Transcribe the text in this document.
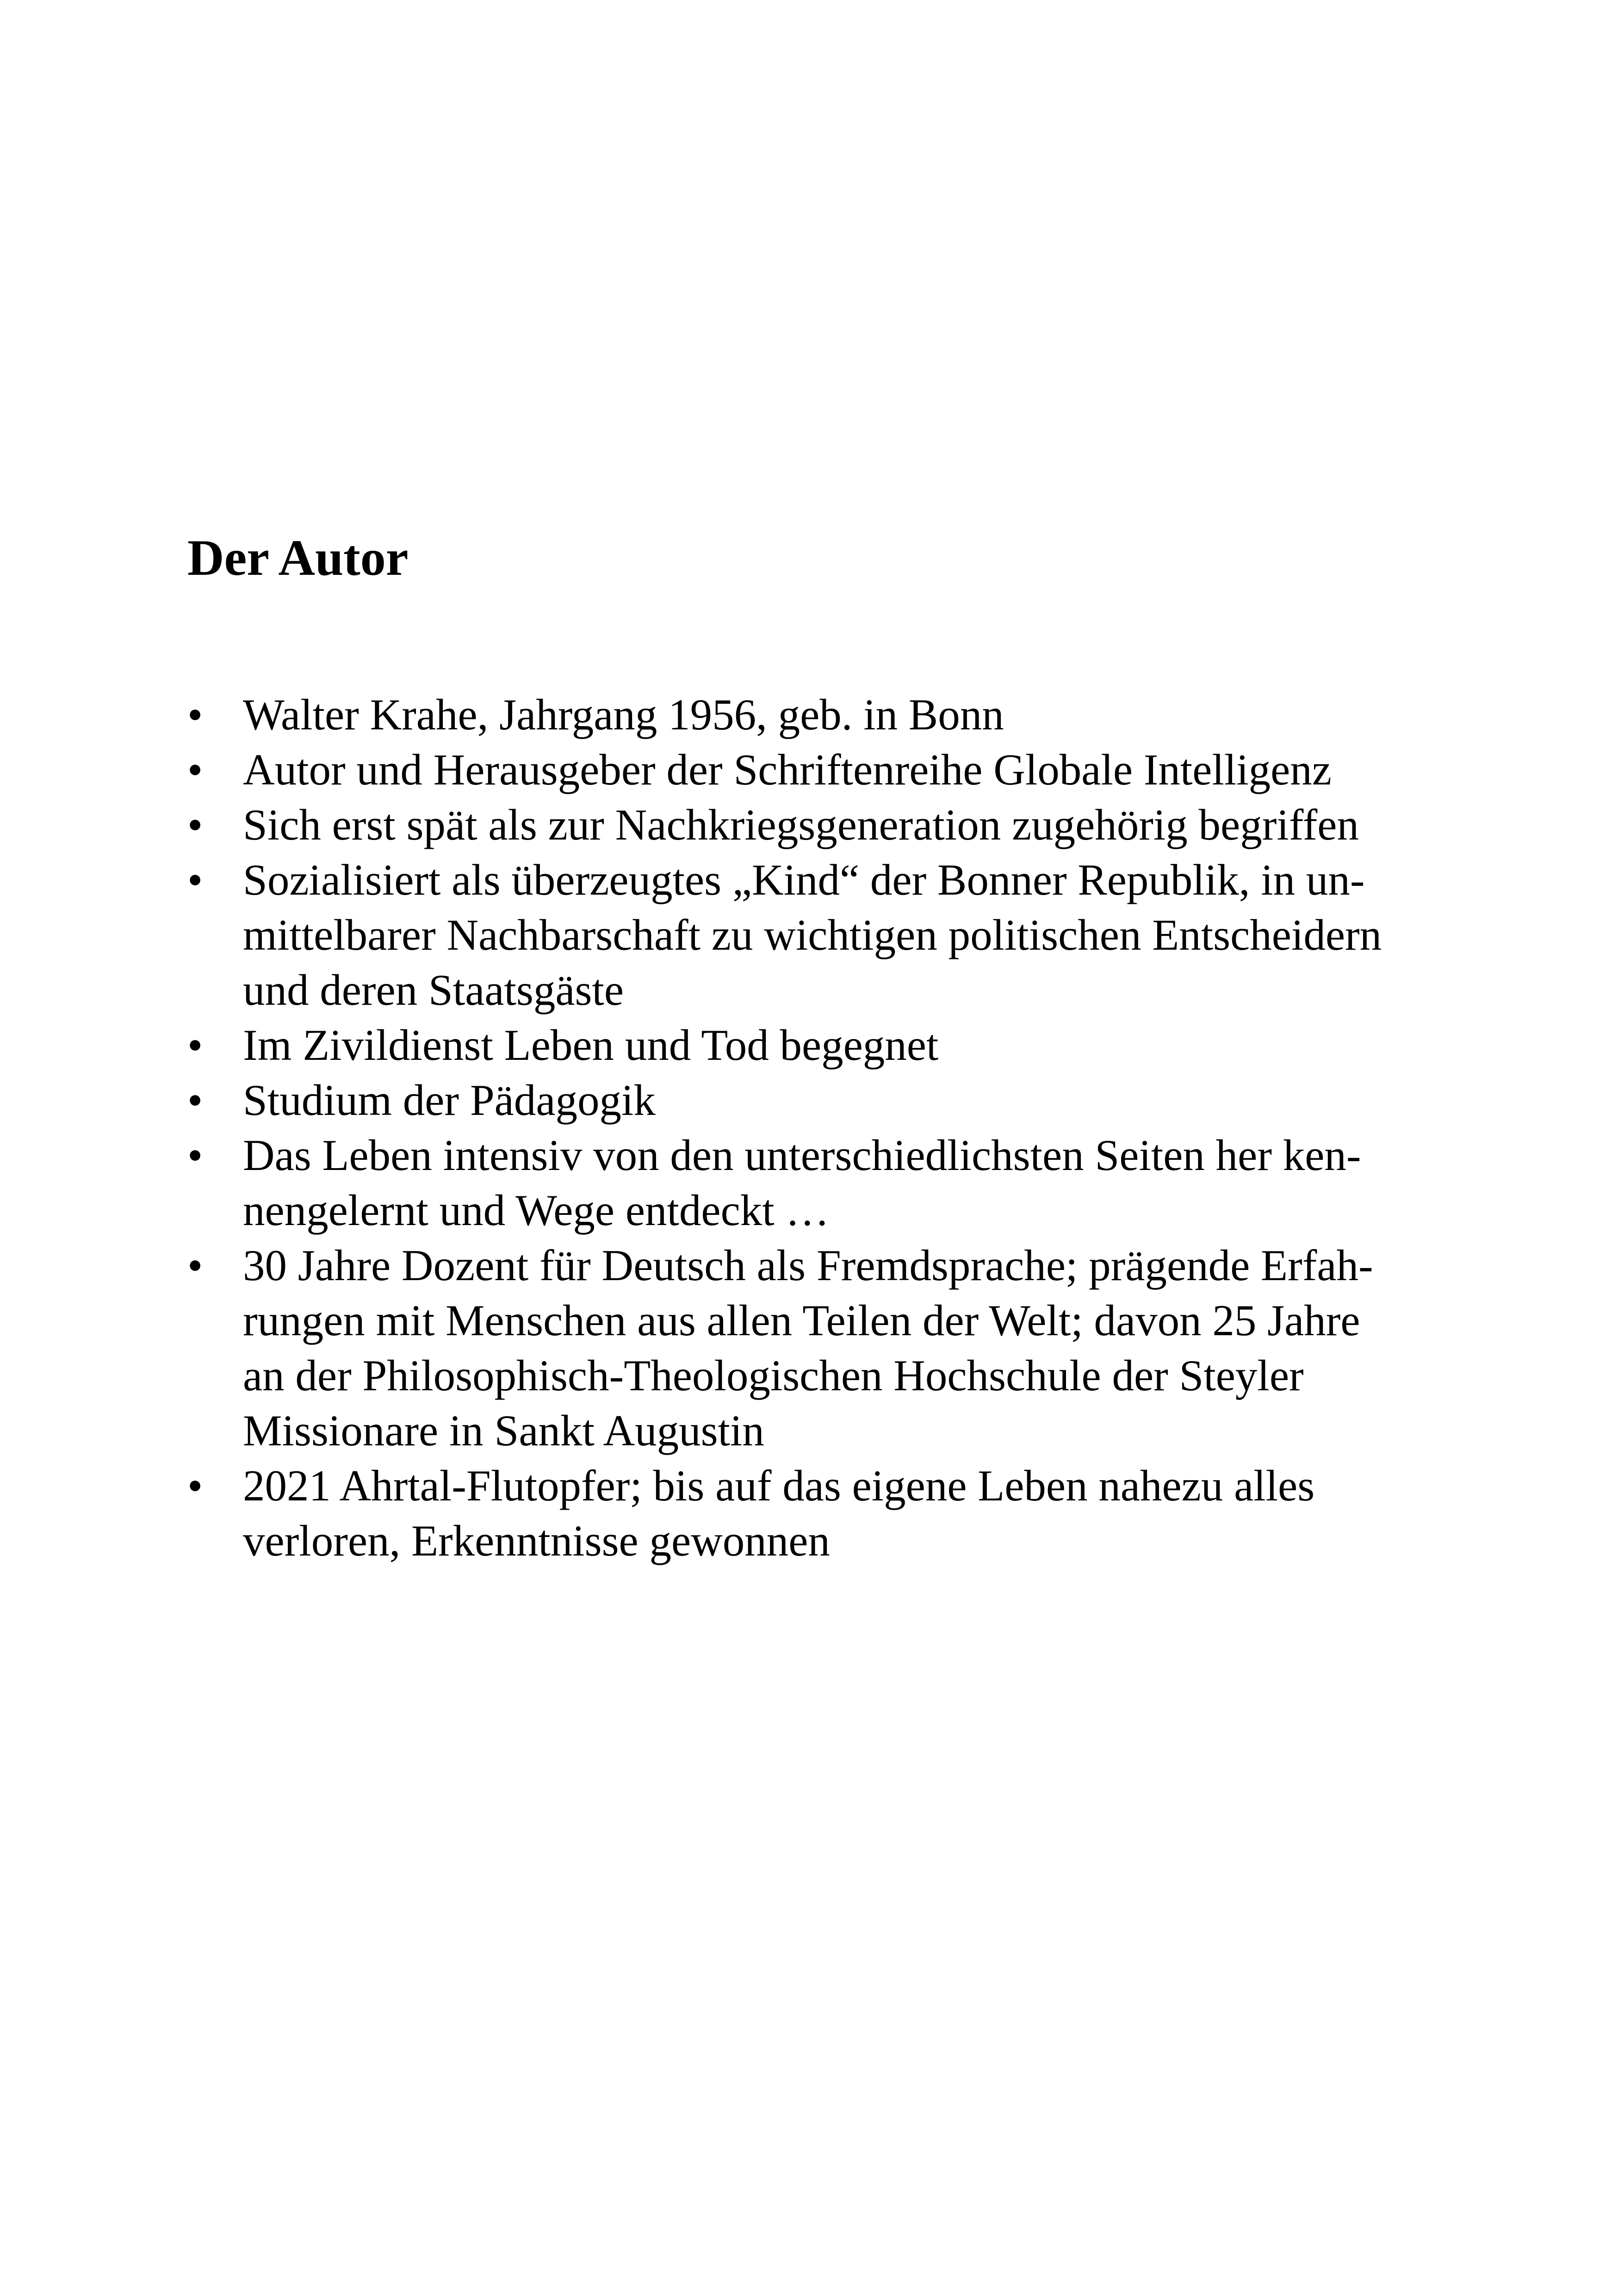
Der Autor
• Walter Krahe, Jahrgang 1956, geb. in Bonn
• Autor und Herausgeber der Schriftenreihe Globale Intelligenz
• Sich erst spät als zur Nachkriegsgeneration zugehörig begriffen
• Sozialisiert als überzeugtes „Kind“ der Bonner Republik, in un-
mittelbarer Nachbarschaft zu wichtigen politischen Entscheidern
und deren Staatsgäste
• Im Zivildienst Leben und Tod begegnet
• Studium der Pädagogik
• Das Leben intensiv von den unterschiedlichsten Seiten her ken-
nengelernt und Wege entdeckt …
• 30 Jahre Dozent für Deutsch als Fremdsprache; prägende Erfah-
rungen mit Menschen aus allen Teilen der Welt; davon 25 Jahre
an der Philosophisch-Theologischen Hochschule der Steyler
Missionare in Sankt Augustin
• 2021 Ahrtal-Flutopfer; bis auf das eigene Leben nahezu alles
verloren, Erkenntnisse gewonnen
